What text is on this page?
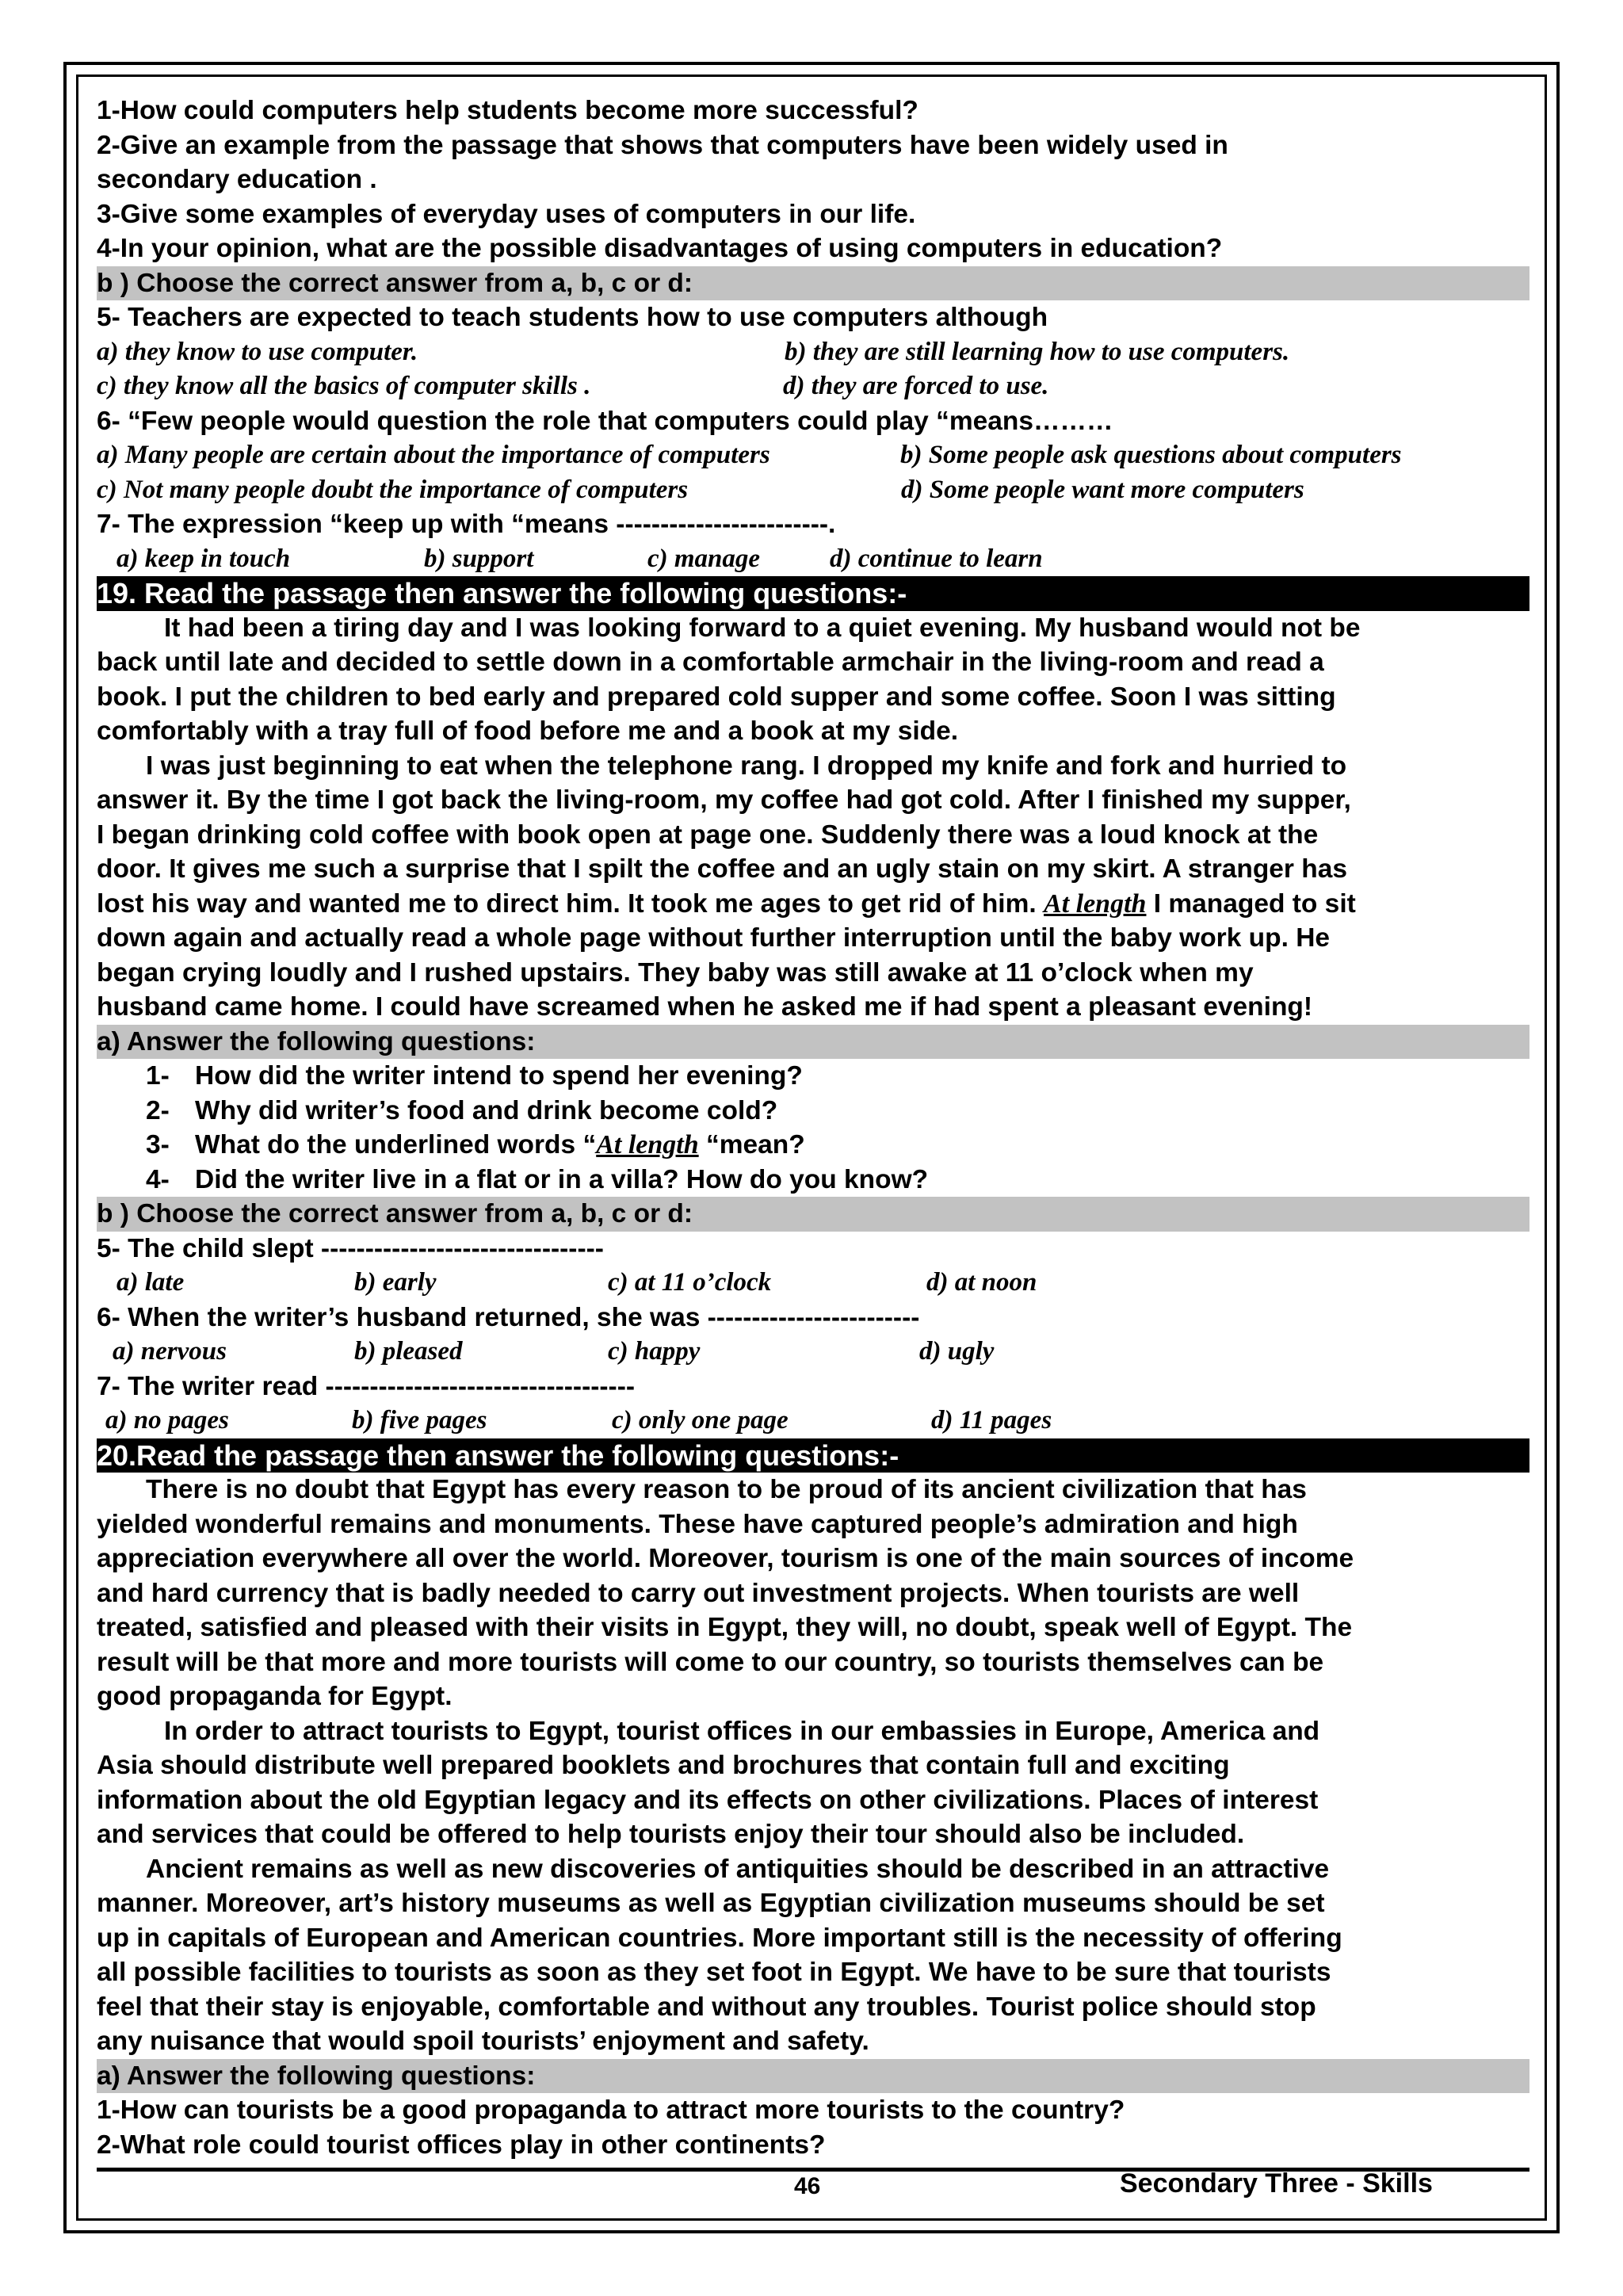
1-How could computers help students become more successful?
2-Give an example from the passage that shows that computers have been widely used in
secondary education .
3-Give some examples of everyday uses of computers in our life.
4-In your opinion, what are the possible disadvantages of using computers in education?
b ) Choose the correct answer from a, b, c or d:
5- Teachers are expected to teach students how to use computers although
a) they know to use computer.	b) they are still learning how to use computers.
c) they know all the basics of computer skills .	d) they are forced to use.
6- “Few people would question the role that computers could play “means………
a) Many people are certain about the importance of computers	b) Some people ask questions about computers
c) Not many people doubt the importance of computers	d) Some people want more computers
7- The expression “keep up with “means ------------------------.
a) keep in touch	b) support	c) manage	d) continue to learn
19. Read the passage then answer the following questions:-
It had been a tiring day and I was looking forward to a quiet evening. My husband would not be
back until late and decided to settle down in a comfortable armchair in the living-room and read a
book. I put the children to bed early and prepared cold supper and some coffee. Soon I was sitting
comfortably with a tray full of food before me and a book at my side.
I was just beginning to eat when the telephone rang. I dropped my knife and fork and hurried to
answer it. By the time I got back the living-room, my coffee had got cold. After I finished my supper,
I began drinking cold coffee with book open at page one. Suddenly there was a loud knock at the
door. It gives me such a surprise that I spilt the coffee and an ugly stain on my skirt. A stranger has
lost his way and wanted me to direct him. It took me ages to get rid of him. At length I managed to sit
down again and actually read a whole page without further interruption until the baby work up. He
began crying loudly and I rushed upstairs. They baby was still awake at 11 o’clock when my
husband came home. I could have screamed when he asked me if had spent a pleasant evening!
a) Answer the following questions:
1- How did the writer intend to spend her evening?
2- Why did writer’s food and drink become cold?
3- What do the underlined words “At length “mean?
4- Did the writer live in a flat or in a villa? How do you know?
b ) Choose the correct answer from a, b, c or d:
5- The child slept --------------------------------
a) late	b) early	c) at 11 o’clock	d) at noon
6- When the writer’s husband returned, she was ------------------------
a) nervous	b) pleased	c) happy	d) ugly
7- The writer read -----------------------------------
a) no pages	b) five pages	c) only one page	d) 11 pages
20.Read the passage then answer the following questions:-
There is no doubt that Egypt has every reason to be proud of its ancient civilization that has
yielded wonderful remains and monuments. These have captured people’s admiration and high
appreciation everywhere all over the world. Moreover, tourism is one of the main sources of income
and hard currency that is badly needed to carry out investment projects. When tourists are well
treated, satisfied and pleased with their visits in Egypt, they will, no doubt, speak well of Egypt. The
result will be that more and more tourists will come to our country, so tourists themselves can be
good propaganda for Egypt.
In order to attract tourists to Egypt, tourist offices in our embassies in Europe, America and
Asia should distribute well prepared booklets and brochures that contain full and exciting
information about the old Egyptian legacy and its effects on other civilizations. Places of interest
and services that could be offered to help tourists enjoy their tour should also be included.
Ancient remains as well as new discoveries of antiquities should be described in an attractive
manner. Moreover, art’s history museums as well as Egyptian civilization museums should be set
up in capitals of European and American countries. More important still is the necessity of offering
all possible facilities to tourists as soon as they set foot in Egypt. We have to be sure that tourists
feel that their stay is enjoyable, comfortable and without any troubles. Tourist police should stop
any nuisance that would spoil tourists’ enjoyment and safety.
a) Answer the following questions:
1-How can tourists be a good propaganda to attract more tourists to the country?
2-What role could tourist offices play in other continents?
46	Secondary Three - Skills
